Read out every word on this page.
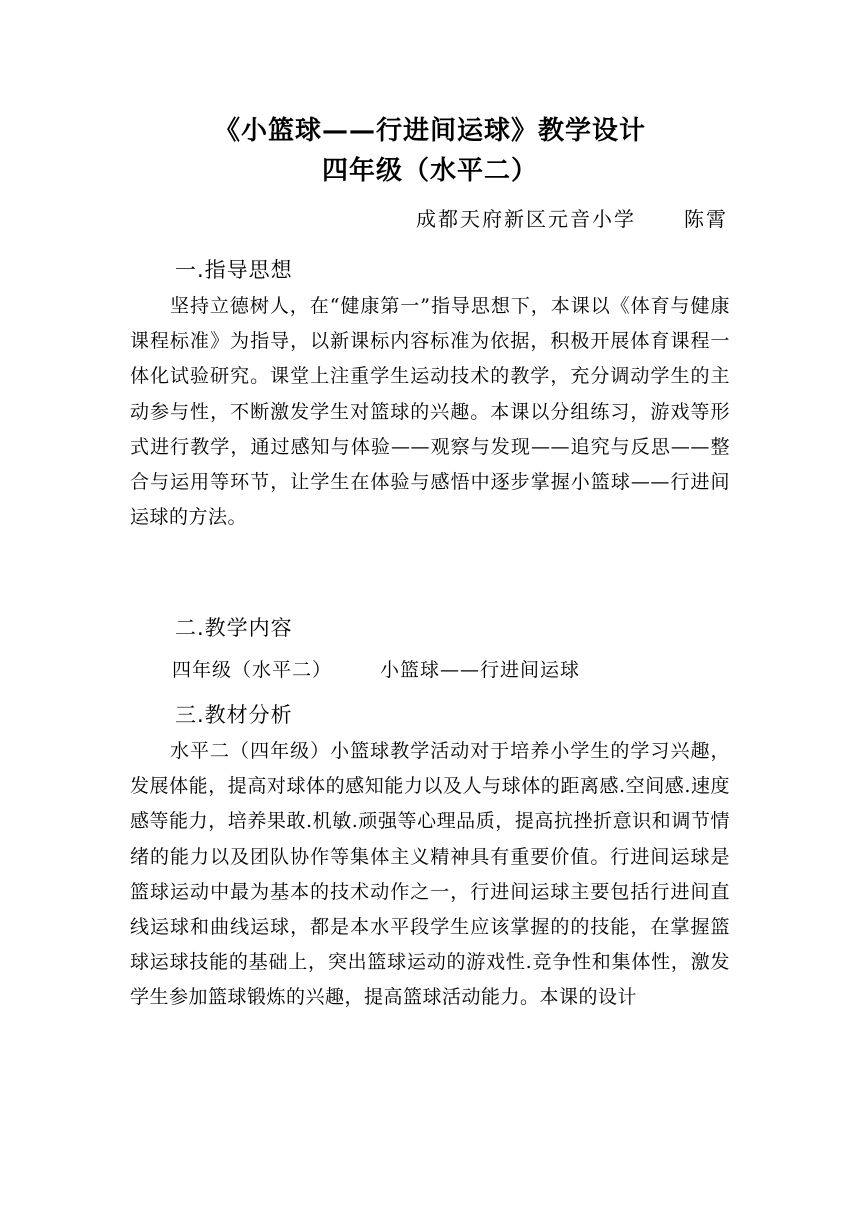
《小篮球——行进间运球》教学设计
四年级（水平二）
成都天府新区元音小学 陈霄
一.指导思想

坚持立德树人，在“健康第一”指导思想下，本课以《体育与健康课程标准》为指导，以新课标内容标准为依据，积极开展体育课程一体化试验研究。课堂上注重学生运动技术的教学，充分调动学生的主动参与性，不断激发学生对篮球的兴趣。本课以分组练习，游戏等形式进行教学，通过感知与体验——观察与发现——追究与反思——整合与运用等环节，让学生在体验与感悟中逐步掌握小篮球——行进间运球的方法。

二.教学内容
四年级（水平二）	小篮球——行进间运球
三.教材分析

水平二（四年级）小篮球教学活动对于培养小学生的学习兴趣，发展体能，提高对球体的感知能力以及人与球体的距离感.空间感.速度感等能力，培养果敢.机敏.顽强等心理品质，提高抗挫折意识和调节情绪的能力以及团队协作等集体主义精神具有重要价值。行进间运球是篮球运动中最为基本的技术动作之一，行进间运球主要包括行进间直线运球和曲线运球，都是本水平段学生应该掌握的的技能，在掌握篮球运球技能的基础上，突出篮球运动的游戏性.竞争性和集体性，激发学生参加篮球锻炼的兴趣，提高篮球活动能力。本课的设计
